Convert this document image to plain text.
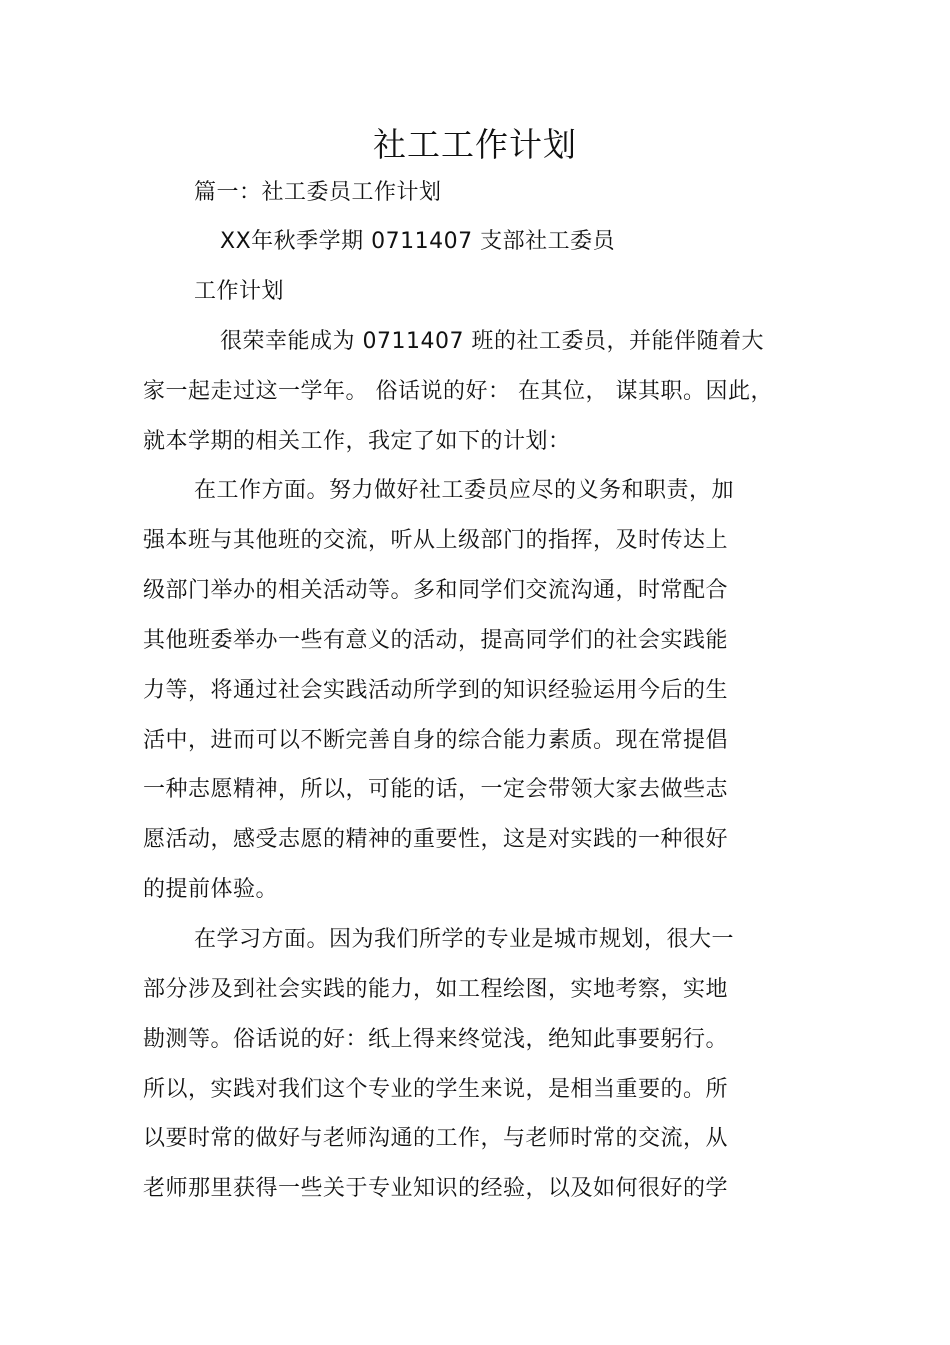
社工工作计划
篇一：社工委员工作计划
XX年秋季学期 0711407 支部社工委员
工作计划
很荣幸能成为 0711407 班的社工委员，并能伴随着大
家一起走过这一学年。 俗话说的好： 在其位， 谋其职。因此，
就本学期的相关工作，我定了如下的计划：
在工作方面。努力做好社工委员应尽的义务和职责，加
强本班与其他班的交流，听从上级部门的指挥，及时传达上
级部门举办的相关活动等。多和同学们交流沟通，时常配合
其他班委举办一些有意义的活动，提高同学们的社会实践能
力等，将通过社会实践活动所学到的知识经验运用今后的生
活中，进而可以不断完善自身的综合能力素质。现在常提倡
一种志愿精神，所以，可能的话，一定会带领大家去做些志
愿活动，感受志愿的精神的重要性，这是对实践的一种很好
的提前体验。
在学习方面。因为我们所学的专业是城市规划，很大一
部分涉及到社会实践的能力，如工程绘图，实地考察，实地
勘测等。俗话说的好：纸上得来终觉浅，绝知此事要躬行。
所以，实践对我们这个专业的学生来说，是相当重要的。所
以要时常的做好与老师沟通的工作，与老师时常的交流，从
老师那里获得一些关于专业知识的经验，以及如何很好的学
